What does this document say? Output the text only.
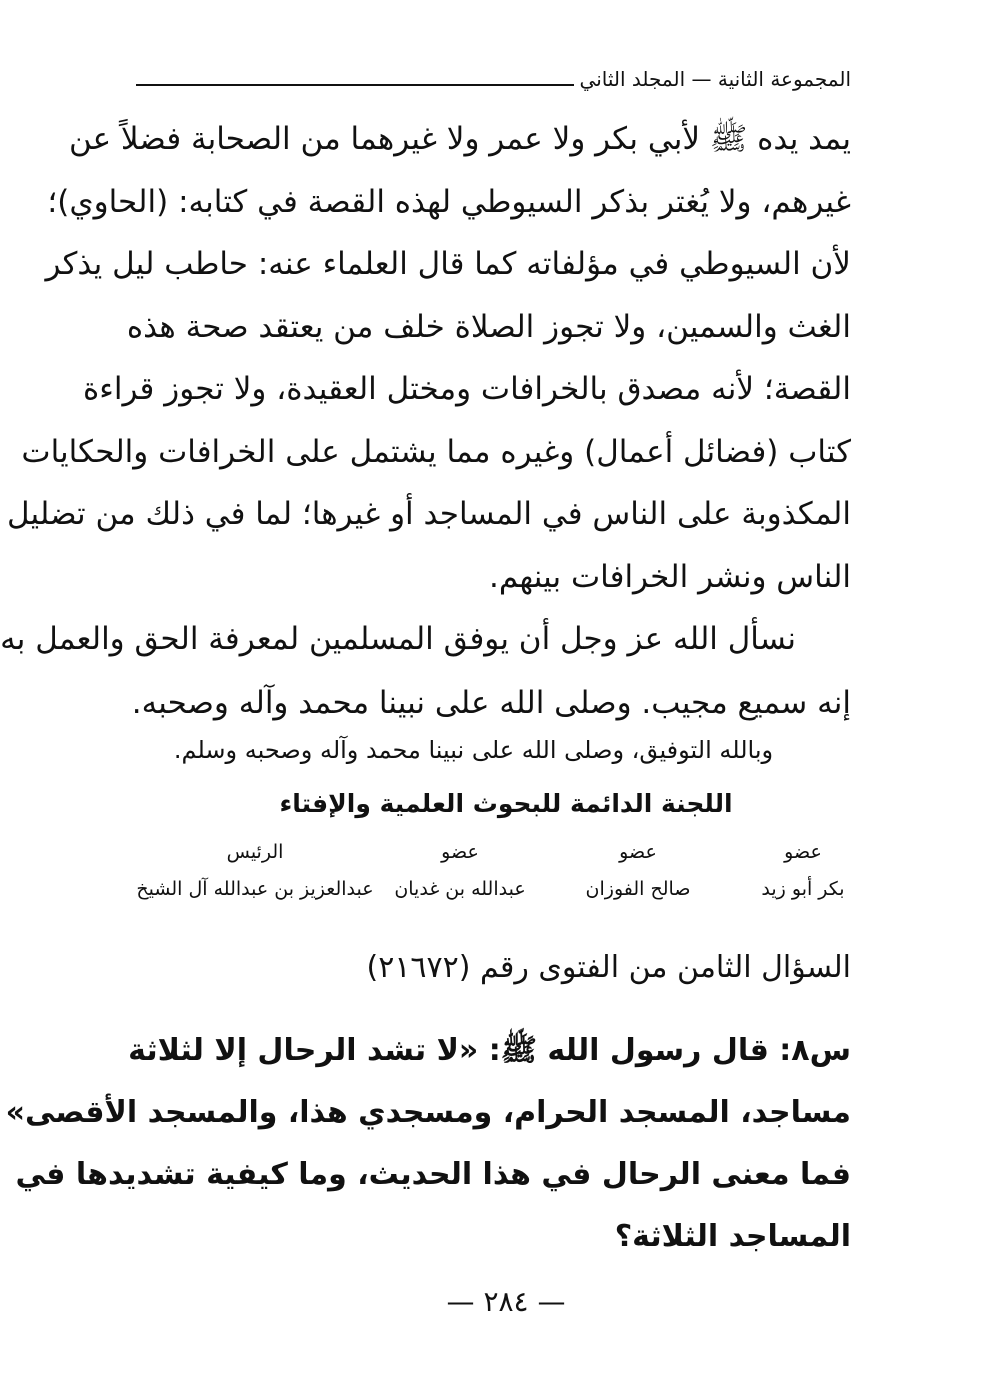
المجموعة الثانية — المجلد الثاني
يمد يده ﷺ لأبي بكر ولا عمر ولا غيرهما من الصحابة فضلاً عن
غيرهم، ولا يُغتر بذكر السيوطي لهذه القصة في كتابه: (الحاوي)؛
لأن السيوطي في مؤلفاته كما قال العلماء عنه: حاطب ليل يذكر
الغث والسمين، ولا تجوز الصلاة خلف من يعتقد صحة هذه
القصة؛ لأنه مصدق بالخرافات ومختل العقيدة، ولا تجوز قراءة
كتاب (فضائل أعمال) وغيره مما يشتمل على الخرافات والحكايات
المكذوبة على الناس في المساجد أو غيرها؛ لما في ذلك من تضليل
الناس ونشر الخرافات بينهم.
نسأل الله عز وجل أن يوفق المسلمين لمعرفة الحق والعمل به
إنه سميع مجيب. وصلى الله على نبينا محمد وآله وصحبه.
وبالله التوفيق، وصلى الله على نبينا محمد وآله وصحبه وسلم.
اللجنة الدائمة للبحوث العلمية والإفتاء
عضو
بكر أبو زيد
عضو
صالح الفوزان
عضو
عبدالله بن غديان
الرئيس
عبدالعزيز بن عبدالله آل الشيخ
السؤال الثامن من الفتوى رقم (٢١٦٧٢)
س٨: قال رسول الله ﷺ: «لا تشد الرحال إلا لثلاثة
مساجد، المسجد الحرام، ومسجدي هذا، والمسجد الأقصى»
فما معنى الرحال في هذا الحديث، وما كيفية تشديدها في
المساجد الثلاثة؟
— ٢٨٤ —
